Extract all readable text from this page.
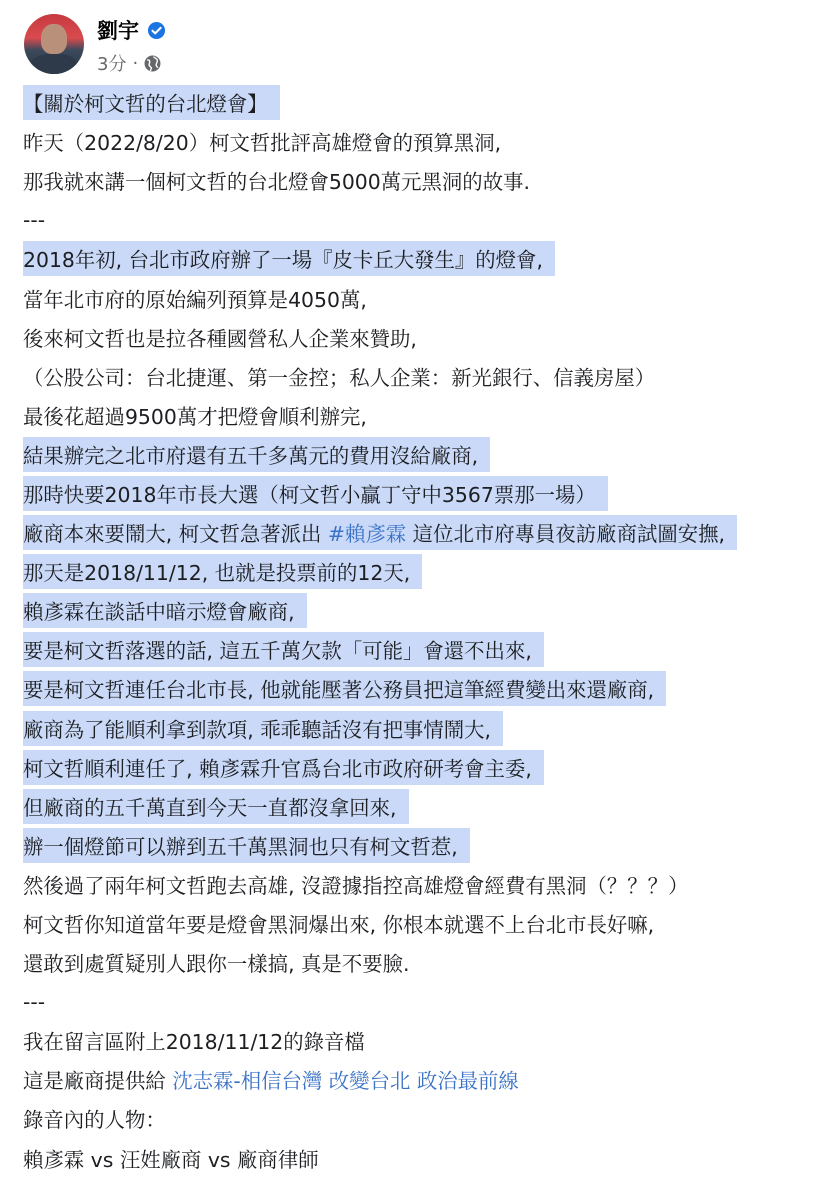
劉宇
3分 ·
【關於柯文哲的台北燈會】
昨天（2022/8/20）柯文哲批評高雄燈會的預算黑洞,
那我就來講一個柯文哲的台北燈會5000萬元黑洞的故事.
---
2018年初, 台北市政府辦了一場『皮卡丘大發生』的燈會,
當年北市府的原始編列預算是4050萬,
後來柯文哲也是拉各種國營私人企業來贊助,
（公股公司：台北捷運、第一金控；私人企業：新光銀行、信義房屋）
最後花超過9500萬才把燈會順利辦完,
結果辦完之北市府還有五千多萬元的費用沒給廠商,
那時快要2018年市長大選（柯文哲小贏丁守中3567票那一場）
廠商本來要鬧大, 柯文哲急著派出 #賴彥霖 這位北市府專員夜訪廠商試圖安撫,
那天是2018/11/12, 也就是投票前的12天,
賴彥霖在談話中暗示燈會廠商,
要是柯文哲落選的話, 這五千萬欠款「可能」會還不出來,
要是柯文哲連任台北市長, 他就能壓著公務員把這筆經費變出來還廠商,
廠商為了能順利拿到款項, 乖乖聽話沒有把事情鬧大,
柯文哲順利連任了, 賴彥霖升官爲台北市政府研考會主委,
但廠商的五千萬直到今天一直都沒拿回來,
辦一個燈節可以辦到五千萬黑洞也只有柯文哲惹,
然後過了兩年柯文哲跑去高雄, 沒證據指控高雄燈會經費有黑洞（？？？）
柯文哲你知道當年要是燈會黑洞爆出來, 你根本就選不上台北市長好嘛,
還敢到處質疑別人跟你一樣搞, 真是不要臉.
---
我在留言區附上2018/11/12的錄音檔
這是廠商提供給 沈志霖-相信台灣 改變台北 政治最前線
錄音內的人物：
賴彥霖 vs 汪姓廠商 vs 廠商律師
